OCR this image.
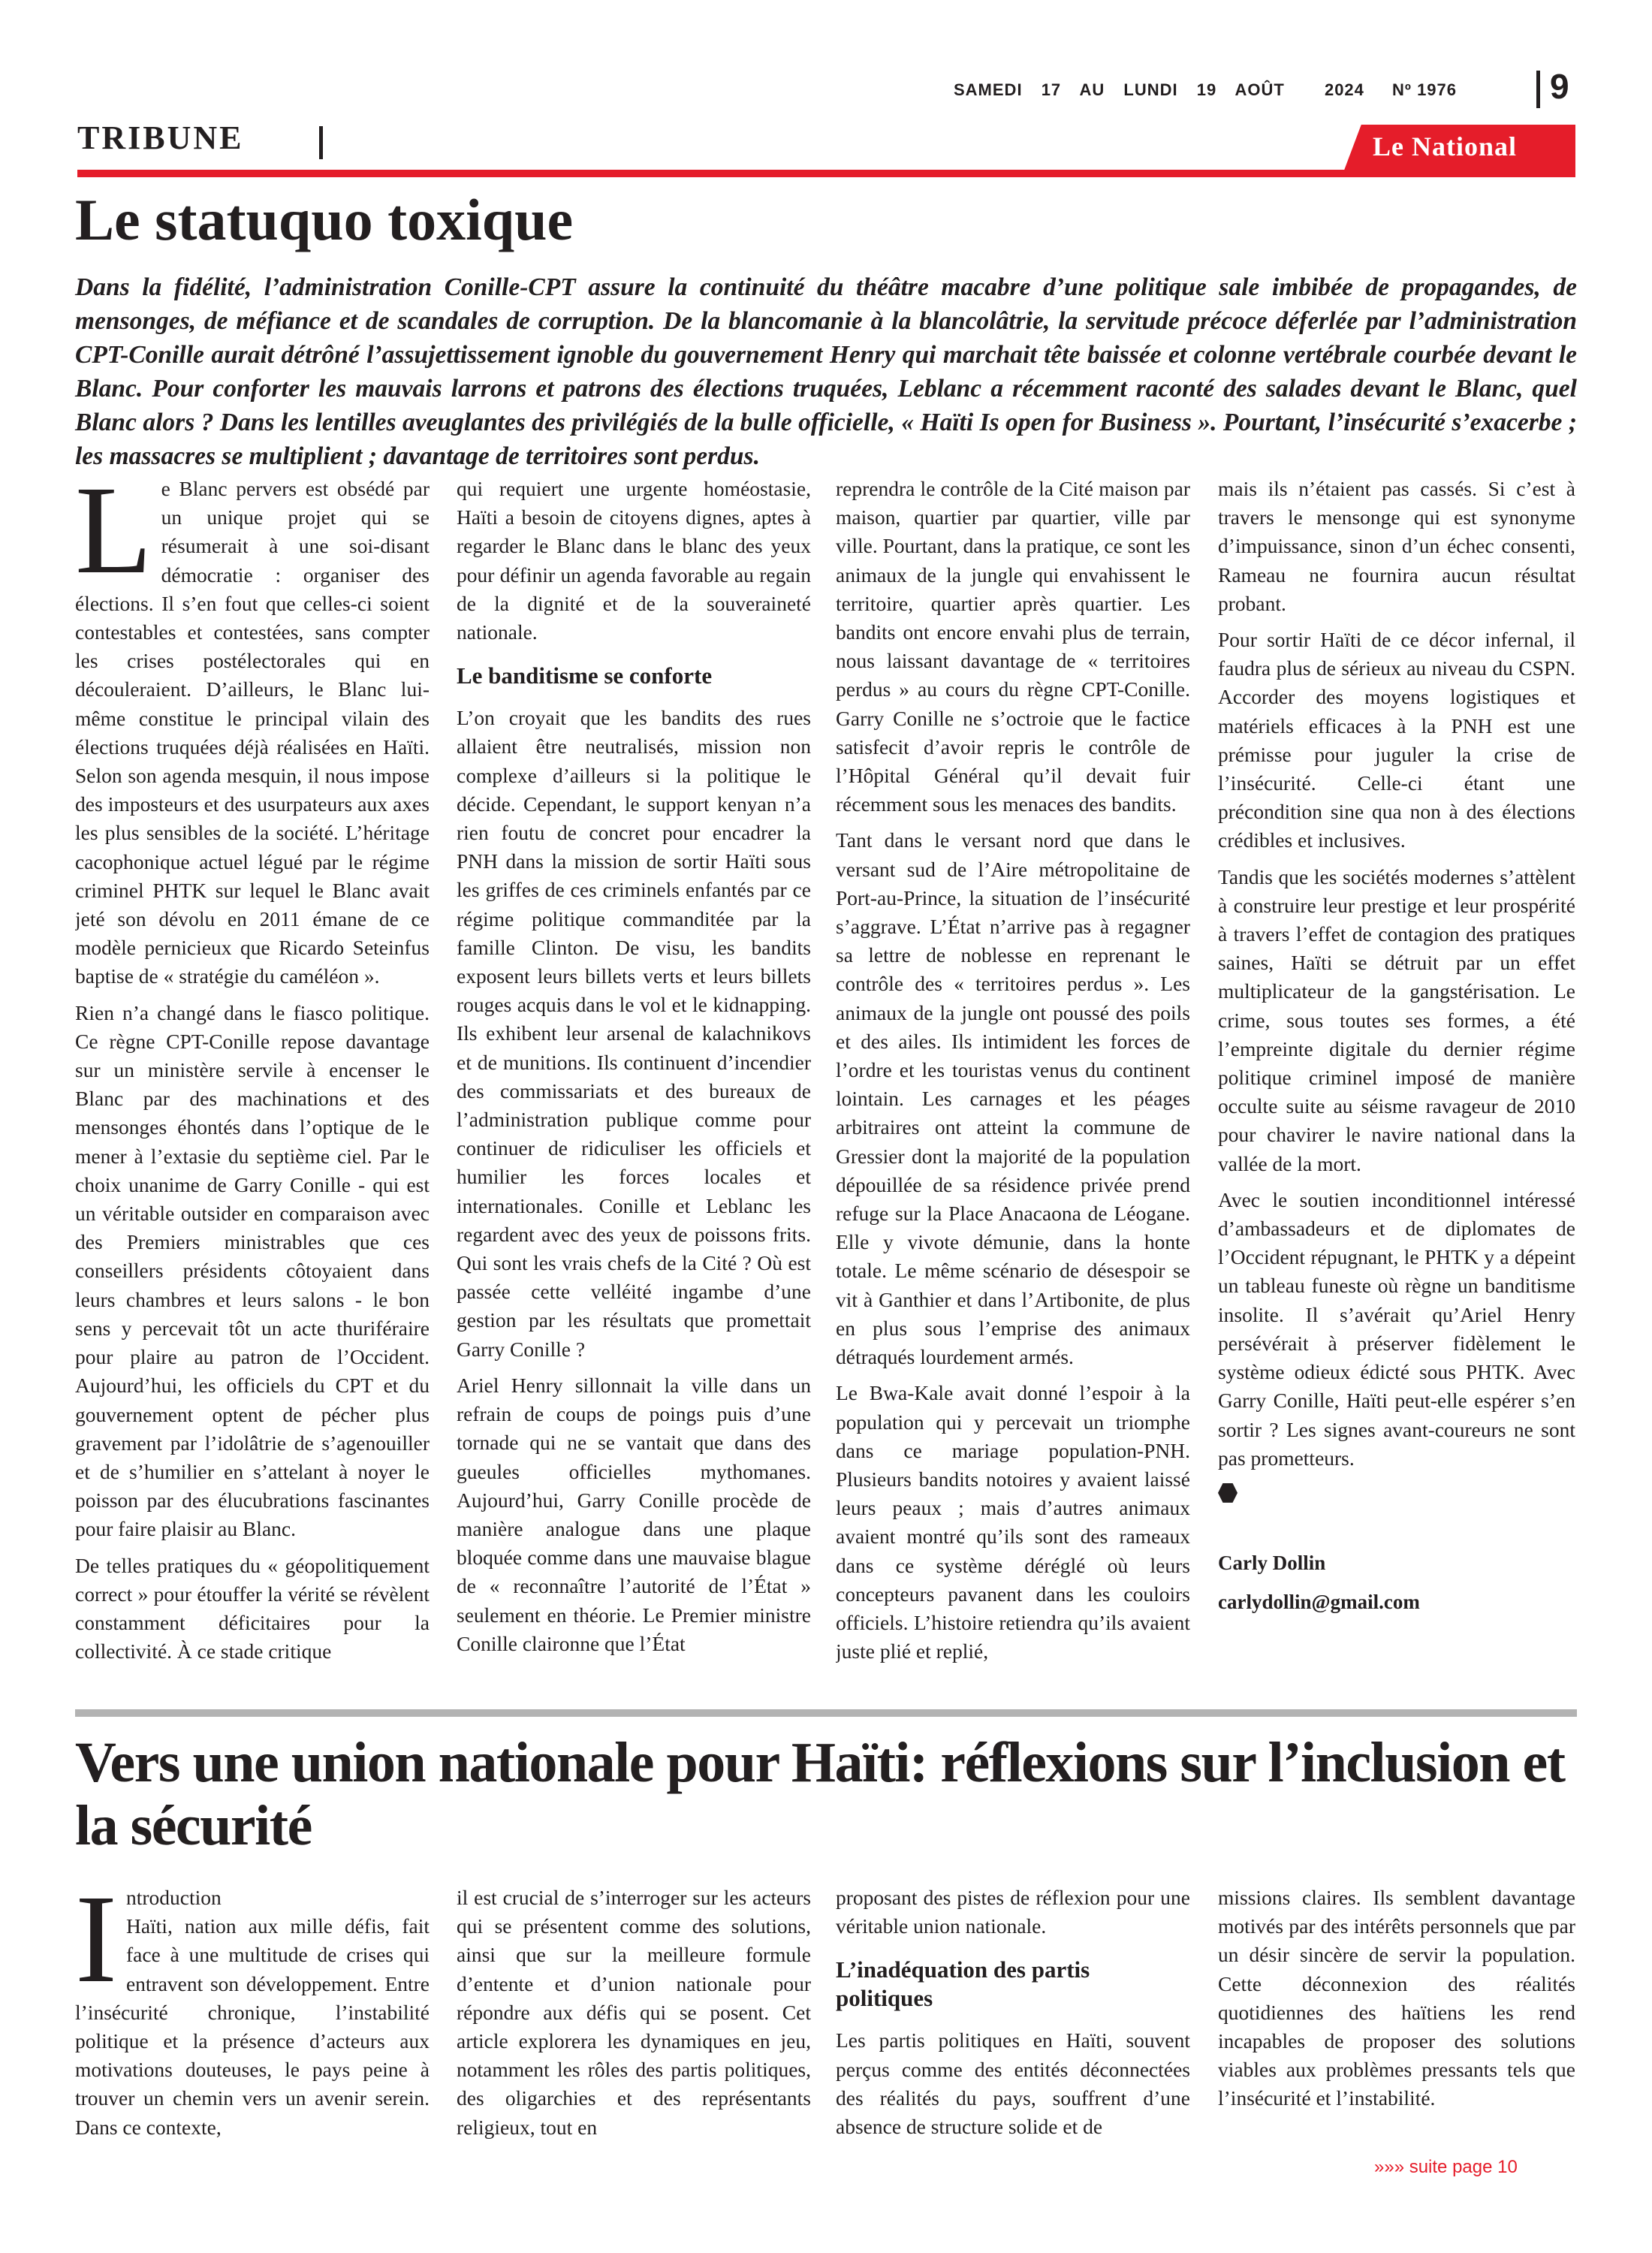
SAMEDI 17 AU LUNDI 19 AOÛT 2024 Nº 1976	9
TRIBUNE	Le National
Le statuquo toxique

Dans la fidélité, l’administration Conille-CPT assure la continuité du théâtre macabre d’une politique sale imbibée de propagandes, de mensonges, de méfiance et de scandales de corruption. De la blancomanie à la blancolâtrie, la servitude précoce déferlée par l’administration CPT-Conille aurait détrôné l’assujettissement ignoble du gouvernement Henry qui marchait tête baissée et colonne vertébrale courbée devant le Blanc. Pour conforter les mauvais larrons et patrons des élections truquées, Leblanc a récemment raconté des salades devant le Blanc, quel Blanc alors ? Dans les lentilles aveuglantes des privilégiés de la bulle officielle, « Haïti Is open for Business ». Pourtant, l’insécurité s’exacerbe ; les massacres se multiplient ; davantage de territoires sont perdus.

Le Blanc pervers est obsédé par un unique projet qui se résumerait à une soi-disant démocratie : organiser des élections. Il s’en fout que celles-ci soient contestables et contestées, sans compter les crises postélectorales qui en découleraient. D’ailleurs, le Blanc lui-même constitue le principal vilain des élections truquées déjà réalisées en Haïti. Selon son agenda mesquin, il nous impose des imposteurs et des usurpateurs aux axes les plus sensibles de la société. L’héritage cacophonique actuel légué par le régime criminel PHTK sur lequel le Blanc avait jeté son dévolu en 2011 émane de ce modèle pernicieux que Ricardo Seteinfus baptise de « stratégie du caméléon ».

Rien n’a changé dans le fiasco politique. Ce règne CPT-Conille repose davantage sur un ministère servile à encenser le Blanc par des machinations et des mensonges éhontés dans l’optique de le mener à l’extasie du septième ciel. Par le choix unanime de Garry Conille - qui est un véritable outsider en comparaison avec des Premiers ministrables que ces conseillers présidents côtoyaient dans leurs chambres et leurs salons - le bon sens y percevait tôt un acte thuriféraire pour plaire au patron de l’Occident. Aujourd’hui, les officiels du CPT et du gouvernement optent de pécher plus gravement par l’idolâtrie de s’agenouiller et de s’humilier en s’attelant à noyer le poisson par des élucubrations fascinantes pour faire plaisir au Blanc.

De telles pratiques du « géopolitiquement correct » pour étouffer la vérité se révèlent constamment déficitaires pour la collectivité. À ce stade critique

qui requiert une urgente homéostasie, Haïti a besoin de citoyens dignes, aptes à regarder le Blanc dans le blanc des yeux pour définir un agenda favorable au regain de la dignité et de la souveraineté nationale.

Le banditisme se conforte

L’on croyait que les bandits des rues allaient être neutralisés, mission non complexe d’ailleurs si la politique le décide. Cependant, le support kenyan n’a rien foutu de concret pour encadrer la PNH dans la mission de sortir Haïti sous les griffes de ces criminels enfantés par ce régime politique commanditée par la famille Clinton. De visu, les bandits exposent leurs billets verts et leurs billets rouges acquis dans le vol et le kidnapping. Ils exhibent leur arsenal de kalachnikovs et de munitions. Ils continuent d’incendier des commissariats et des bureaux de l’administration publique comme pour continuer de ridiculiser les officiels et humilier les forces locales et internationales. Conille et Leblanc les regardent avec des yeux de poissons frits. Qui sont les vrais chefs de la Cité ? Où est passée cette velléité ingambe d’une gestion par les résultats que promettait Garry Conille ?

Ariel Henry sillonnait la ville dans un refrain de coups de poings puis d’une tornade qui ne se vantait que dans des gueules officielles mythomanes. Aujourd’hui, Garry Conille procède de manière analogue dans une plaque bloquée comme dans une mauvaise blague de « reconnaître l’autorité de l’État » seulement en théorie. Le Premier ministre Conille claironne que l’État

reprendra le contrôle de la Cité maison par maison, quartier par quartier, ville par ville. Pourtant, dans la pratique, ce sont les animaux de la jungle qui envahissent le territoire, quartier après quartier. Les bandits ont encore envahi plus de terrain, nous laissant davantage de « territoires perdus » au cours du règne CPT-Conille. Garry Conille ne s’octroie que le factice satisfecit d’avoir repris le contrôle de l’Hôpital Général qu’il devait fuir récemment sous les menaces des bandits.

Tant dans le versant nord que dans le versant sud de l’Aire métropolitaine de Port-au-Prince, la situation de l’insécurité s’aggrave. L’État n’arrive pas à regagner sa lettre de noblesse en reprenant le contrôle des « territoires perdus ». Les animaux de la jungle ont poussé des poils et des ailes. Ils intimident les forces de l’ordre et les touristas venus du continent lointain. Les carnages et les péages arbitraires ont atteint la commune de Gressier dont la majorité de la population dépouillée de sa résidence privée prend refuge sur la Place Anacaona de Léogane. Elle y vivote démunie, dans la honte totale. Le même scénario de désespoir se vit à Ganthier et dans l’Artibonite, de plus en plus sous l’emprise des animaux détraqués lourdement armés.

Le Bwa-Kale avait donné l’espoir à la population qui y percevait un triomphe dans ce mariage population-PNH. Plusieurs bandits notoires y avaient laissé leurs peaux ; mais d’autres animaux avaient montré qu’ils sont des rameaux dans ce système déréglé où leurs concepteurs pavanent dans les couloirs officiels. L’histoire retiendra qu’ils avaient juste plié et replié,

mais ils n’étaient pas cassés. Si c’est à travers le mensonge qui est synonyme d’impuissance, sinon d’un échec consenti, Rameau ne fournira aucun résultat probant.

Pour sortir Haïti de ce décor infernal, il faudra plus de sérieux au niveau du CSPN. Accorder des moyens logistiques et matériels efficaces à la PNH est une prémisse pour juguler la crise de l’insécurité. Celle-ci étant une précondition sine qua non à des élections crédibles et inclusives.

Tandis que les sociétés modernes s’attèlent à construire leur prestige et leur prospérité à travers l’effet de contagion des pratiques saines, Haïti se détruit par un effet multiplicateur de la gangstérisation. Le crime, sous toutes ses formes, a été l’empreinte digitale du dernier régime politique criminel imposé de manière occulte suite au séisme ravageur de 2010 pour chavirer le navire national dans la vallée de la mort.

Avec le soutien inconditionnel intéressé d’ambassadeurs et de diplomates de l’Occident répugnant, le PHTK y a dépeint un tableau funeste où règne un banditisme insolite. Il s’avérait qu’Ariel Henry persévérait à préserver fidèlement le système odieux édicté sous PHTK. Avec Garry Conille, Haïti peut-elle espérer s’en sortir ? Les signes avant-coureurs ne sont pas prometteurs.

Carly Dollin
carlydollin@gmail.com
Vers une union nationale pour Haïti: réflexions sur l’inclusion et la sécurité

Introduction
Haïti, nation aux mille défis, fait face à une multitude de crises qui entravent son développement. Entre l’insécurité chronique, l’instabilité politique et la présence d’acteurs aux motivations douteuses, le pays peine à trouver un chemin vers un avenir serein. Dans ce contexte,

il est crucial de s’interroger sur les acteurs qui se présentent comme des solutions, ainsi que sur la meilleure formule d’entente et d’union nationale pour répondre aux défis qui se posent. Cet article explorera les dynamiques en jeu, notamment les rôles des partis politiques, des oligarchies et des représentants religieux, tout en

proposant des pistes de réflexion pour une véritable union nationale.

L’inadéquation des partis politiques

Les partis politiques en Haïti, souvent perçus comme des entités déconnectées des réalités du pays, souffrent d’une absence de structure solide et de

missions claires. Ils semblent davantage motivés par des intérêts personnels que par un désir sincère de servir la population. Cette déconnexion des réalités quotidiennes des haïtiens les rend incapables de proposer des solutions viables aux problèmes pressants tels que l’insécurité et l’instabilité.

»»» suite page 10
